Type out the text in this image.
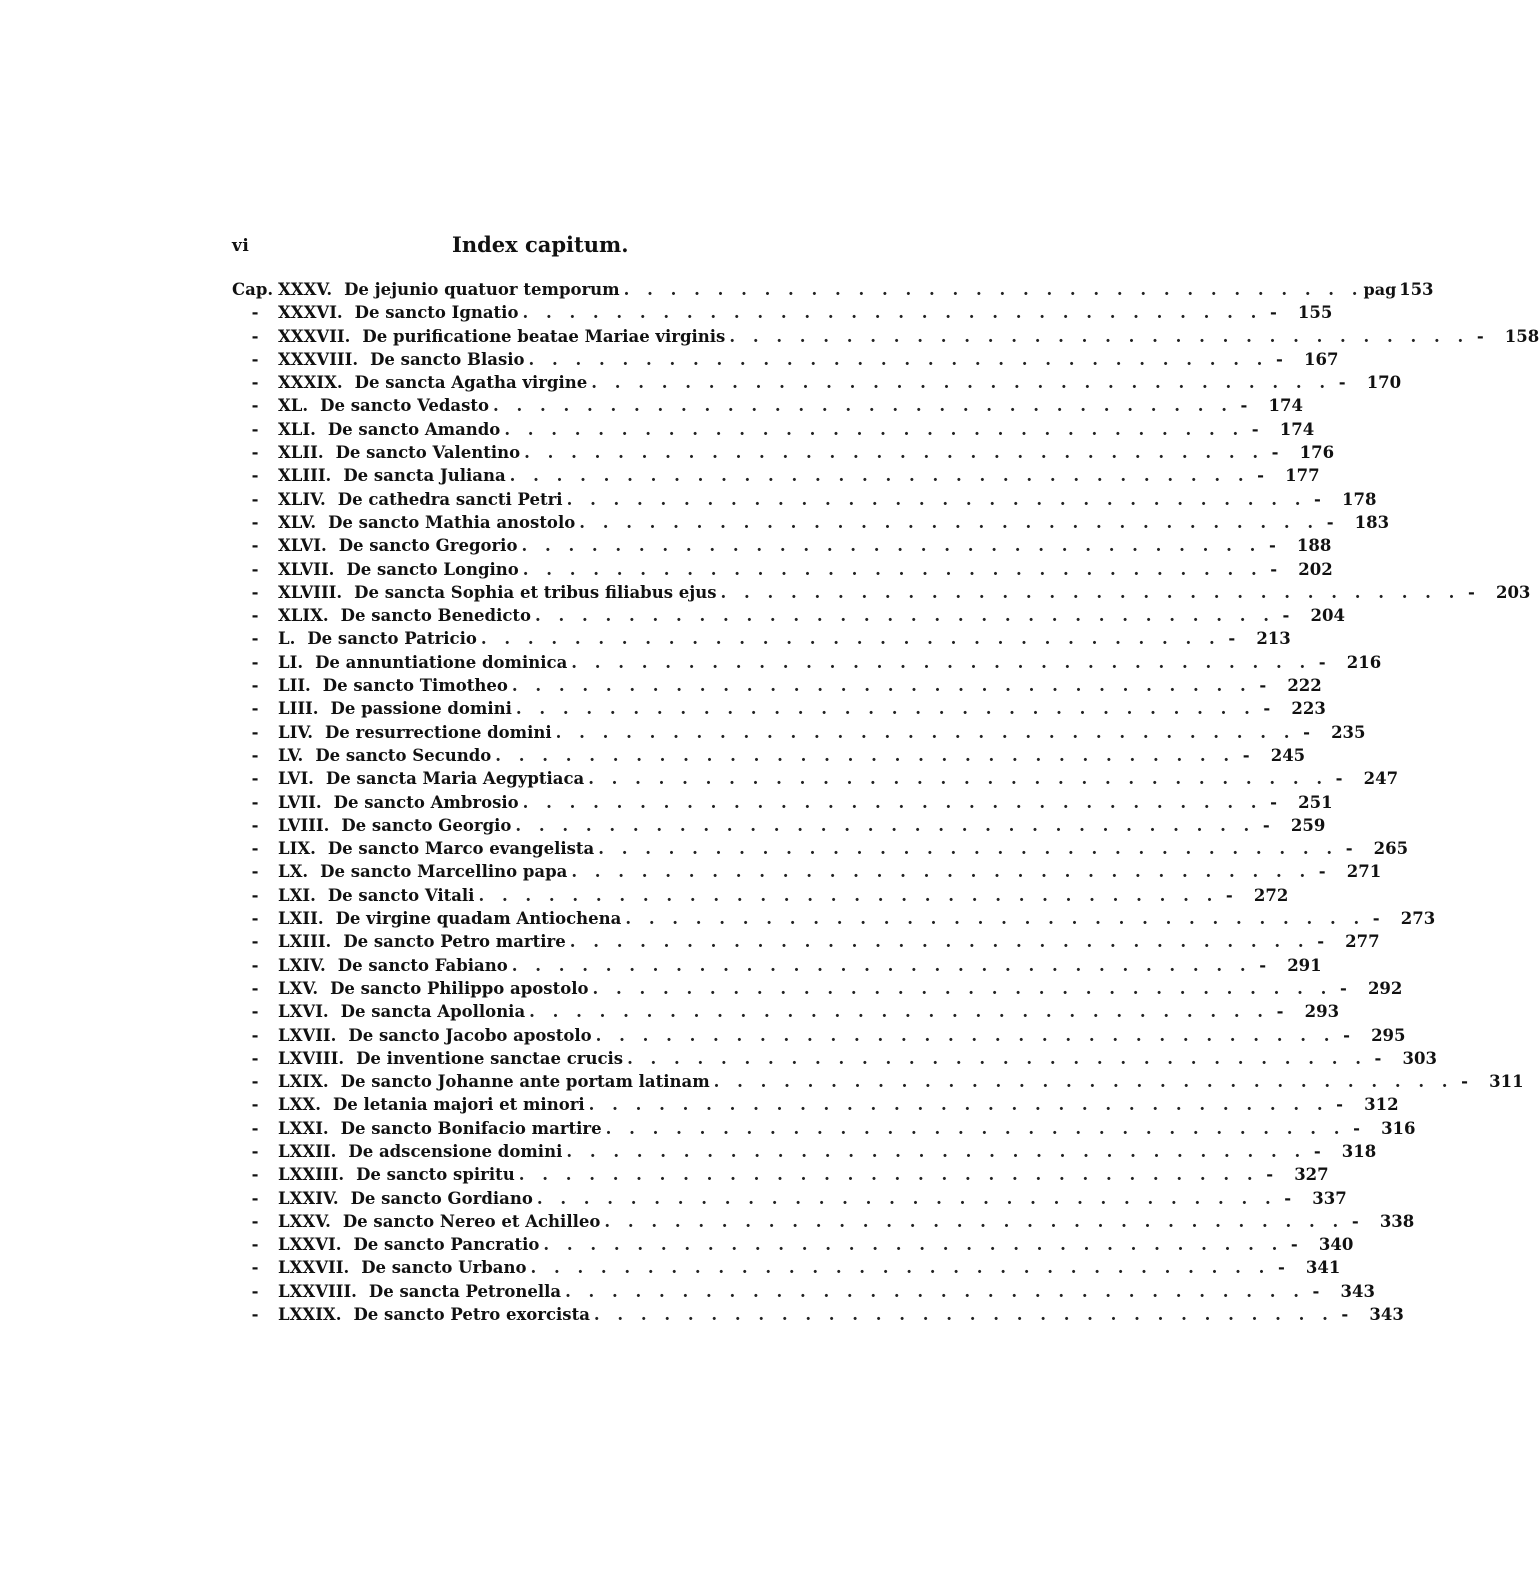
vi	Index capitum.
Cap. XXXV. De jejunio quatuor temporum . . . . . . . . . . . . . . . . . . . . . . . . . . . . . . . . pag 153
-	XXXVI. De sancto Ignatio . . . . . . . . . . . . . . . . . . . . . . . . . . . . . . . . -	155
-	XXXVII. De purificatione beatae Mariae virginis . . . . . . . . . . . . . . . . . . . . . . . . . . . . . . . . -	158
-	XXXVIII. De sancto Blasio . . . . . . . . . . . . . . . . . . . . . . . . . . . . . . . . -	167
-	XXXIX. De sancta Agatha virgine . . . . . . . . . . . . . . . . . . . . . . . . . . . . . . . . -	170
-	XL. De sancto Vedasto . . . . . . . . . . . . . . . . . . . . . . . . . . . . . . . . -	174
-	XLI. De sancto Amando . . . . . . . . . . . . . . . . . . . . . . . . . . . . . . . . -	174
-	XLII. De sancto Valentino . . . . . . . . . . . . . . . . . . . . . . . . . . . . . . . . -	176
-	XLIII. De sancta Juliana . . . . . . . . . . . . . . . . . . . . . . . . . . . . . . . . -	177
-	XLIV. De cathedra sancti Petri . . . . . . . . . . . . . . . . . . . . . . . . . . . . . . . . -	178
-	XLV. De sancto Mathia anostolo . . . . . . . . . . . . . . . . . . . . . . . . . . . . . . . . -	183
-	XLVI. De sancto Gregorio . . . . . . . . . . . . . . . . . . . . . . . . . . . . . . . . -	188
-	XLVII. De sancto Longino . . . . . . . . . . . . . . . . . . . . . . . . . . . . . . . . -	202
-	XLVIII. De sancta Sophia et tribus filiabus ejus . . . . . . . . . . . . . . . . . . . . . . . . . . . . . . . . -	203
-	XLIX. De sancto Benedicto . . . . . . . . . . . . . . . . . . . . . . . . . . . . . . . . -	204
-	L. De sancto Patricio . . . . . . . . . . . . . . . . . . . . . . . . . . . . . . . . -	213
-	LI. De annuntiatione dominica . . . . . . . . . . . . . . . . . . . . . . . . . . . . . . . . -	216
-	LII. De sancto Timotheo . . . . . . . . . . . . . . . . . . . . . . . . . . . . . . . . -	222
-	LIII. De passione domini . . . . . . . . . . . . . . . . . . . . . . . . . . . . . . . . -	223
-	LIV. De resurrectione domini . . . . . . . . . . . . . . . . . . . . . . . . . . . . . . . . -	235
-	LV. De sancto Secundo . . . . . . . . . . . . . . . . . . . . . . . . . . . . . . . . -	245
-	LVI. De sancta Maria Aegyptiaca . . . . . . . . . . . . . . . . . . . . . . . . . . . . . . . . -	247
-	LVII. De sancto Ambrosio . . . . . . . . . . . . . . . . . . . . . . . . . . . . . . . . -	251
-	LVIII. De sancto Georgio . . . . . . . . . . . . . . . . . . . . . . . . . . . . . . . . -	259
-	LIX. De sancto Marco evangelista . . . . . . . . . . . . . . . . . . . . . . . . . . . . . . . . -	265
-	LX. De sancto Marcellino papa . . . . . . . . . . . . . . . . . . . . . . . . . . . . . . . . -	271
-	LXI. De sancto Vitali . . . . . . . . . . . . . . . . . . . . . . . . . . . . . . . . -	272
-	LXII. De virgine quadam Antiochena . . . . . . . . . . . . . . . . . . . . . . . . . . . . . . . . -	273
-	LXIII. De sancto Petro martire . . . . . . . . . . . . . . . . . . . . . . . . . . . . . . . . -	277
-	LXIV. De sancto Fabiano . . . . . . . . . . . . . . . . . . . . . . . . . . . . . . . . -	291
-	LXV. De sancto Philippo apostolo . . . . . . . . . . . . . . . . . . . . . . . . . . . . . . . . -	292
-	LXVI. De sancta Apollonia . . . . . . . . . . . . . . . . . . . . . . . . . . . . . . . . -	293
-	LXVII. De sancto Jacobo apostolo . . . . . . . . . . . . . . . . . . . . . . . . . . . . . . . . -	295
-	LXVIII. De inventione sanctae crucis . . . . . . . . . . . . . . . . . . . . . . . . . . . . . . . . -	303
-	LXIX. De sancto Johanne ante portam latinam . . . . . . . . . . . . . . . . . . . . . . . . . . . . . . . . -	311
-	LXX. De letania majori et minori . . . . . . . . . . . . . . . . . . . . . . . . . . . . . . . . -	312
-	LXXI. De sancto Bonifacio martire . . . . . . . . . . . . . . . . . . . . . . . . . . . . . . . . -	316
-	LXXII. De adscensione domini . . . . . . . . . . . . . . . . . . . . . . . . . . . . . . . . -	318
-	LXXIII. De sancto spiritu . . . . . . . . . . . . . . . . . . . . . . . . . . . . . . . . -	327
-	LXXIV. De sancto Gordiano . . . . . . . . . . . . . . . . . . . . . . . . . . . . . . . . -	337
-	LXXV. De sancto Nereo et Achilleo . . . . . . . . . . . . . . . . . . . . . . . . . . . . . . . . -	338
-	LXXVI. De sancto Pancratio . . . . . . . . . . . . . . . . . . . . . . . . . . . . . . . . -	340
-	LXXVII. De sancto Urbano . . . . . . . . . . . . . . . . . . . . . . . . . . . . . . . . -	341
-	LXXVIII. De sancta Petronella . . . . . . . . . . . . . . . . . . . . . . . . . . . . . . . . -	343
-	LXXIX. De sancto Petro exorcista . . . . . . . . . . . . . . . . . . . . . . . . . . . . . . . . -	343
